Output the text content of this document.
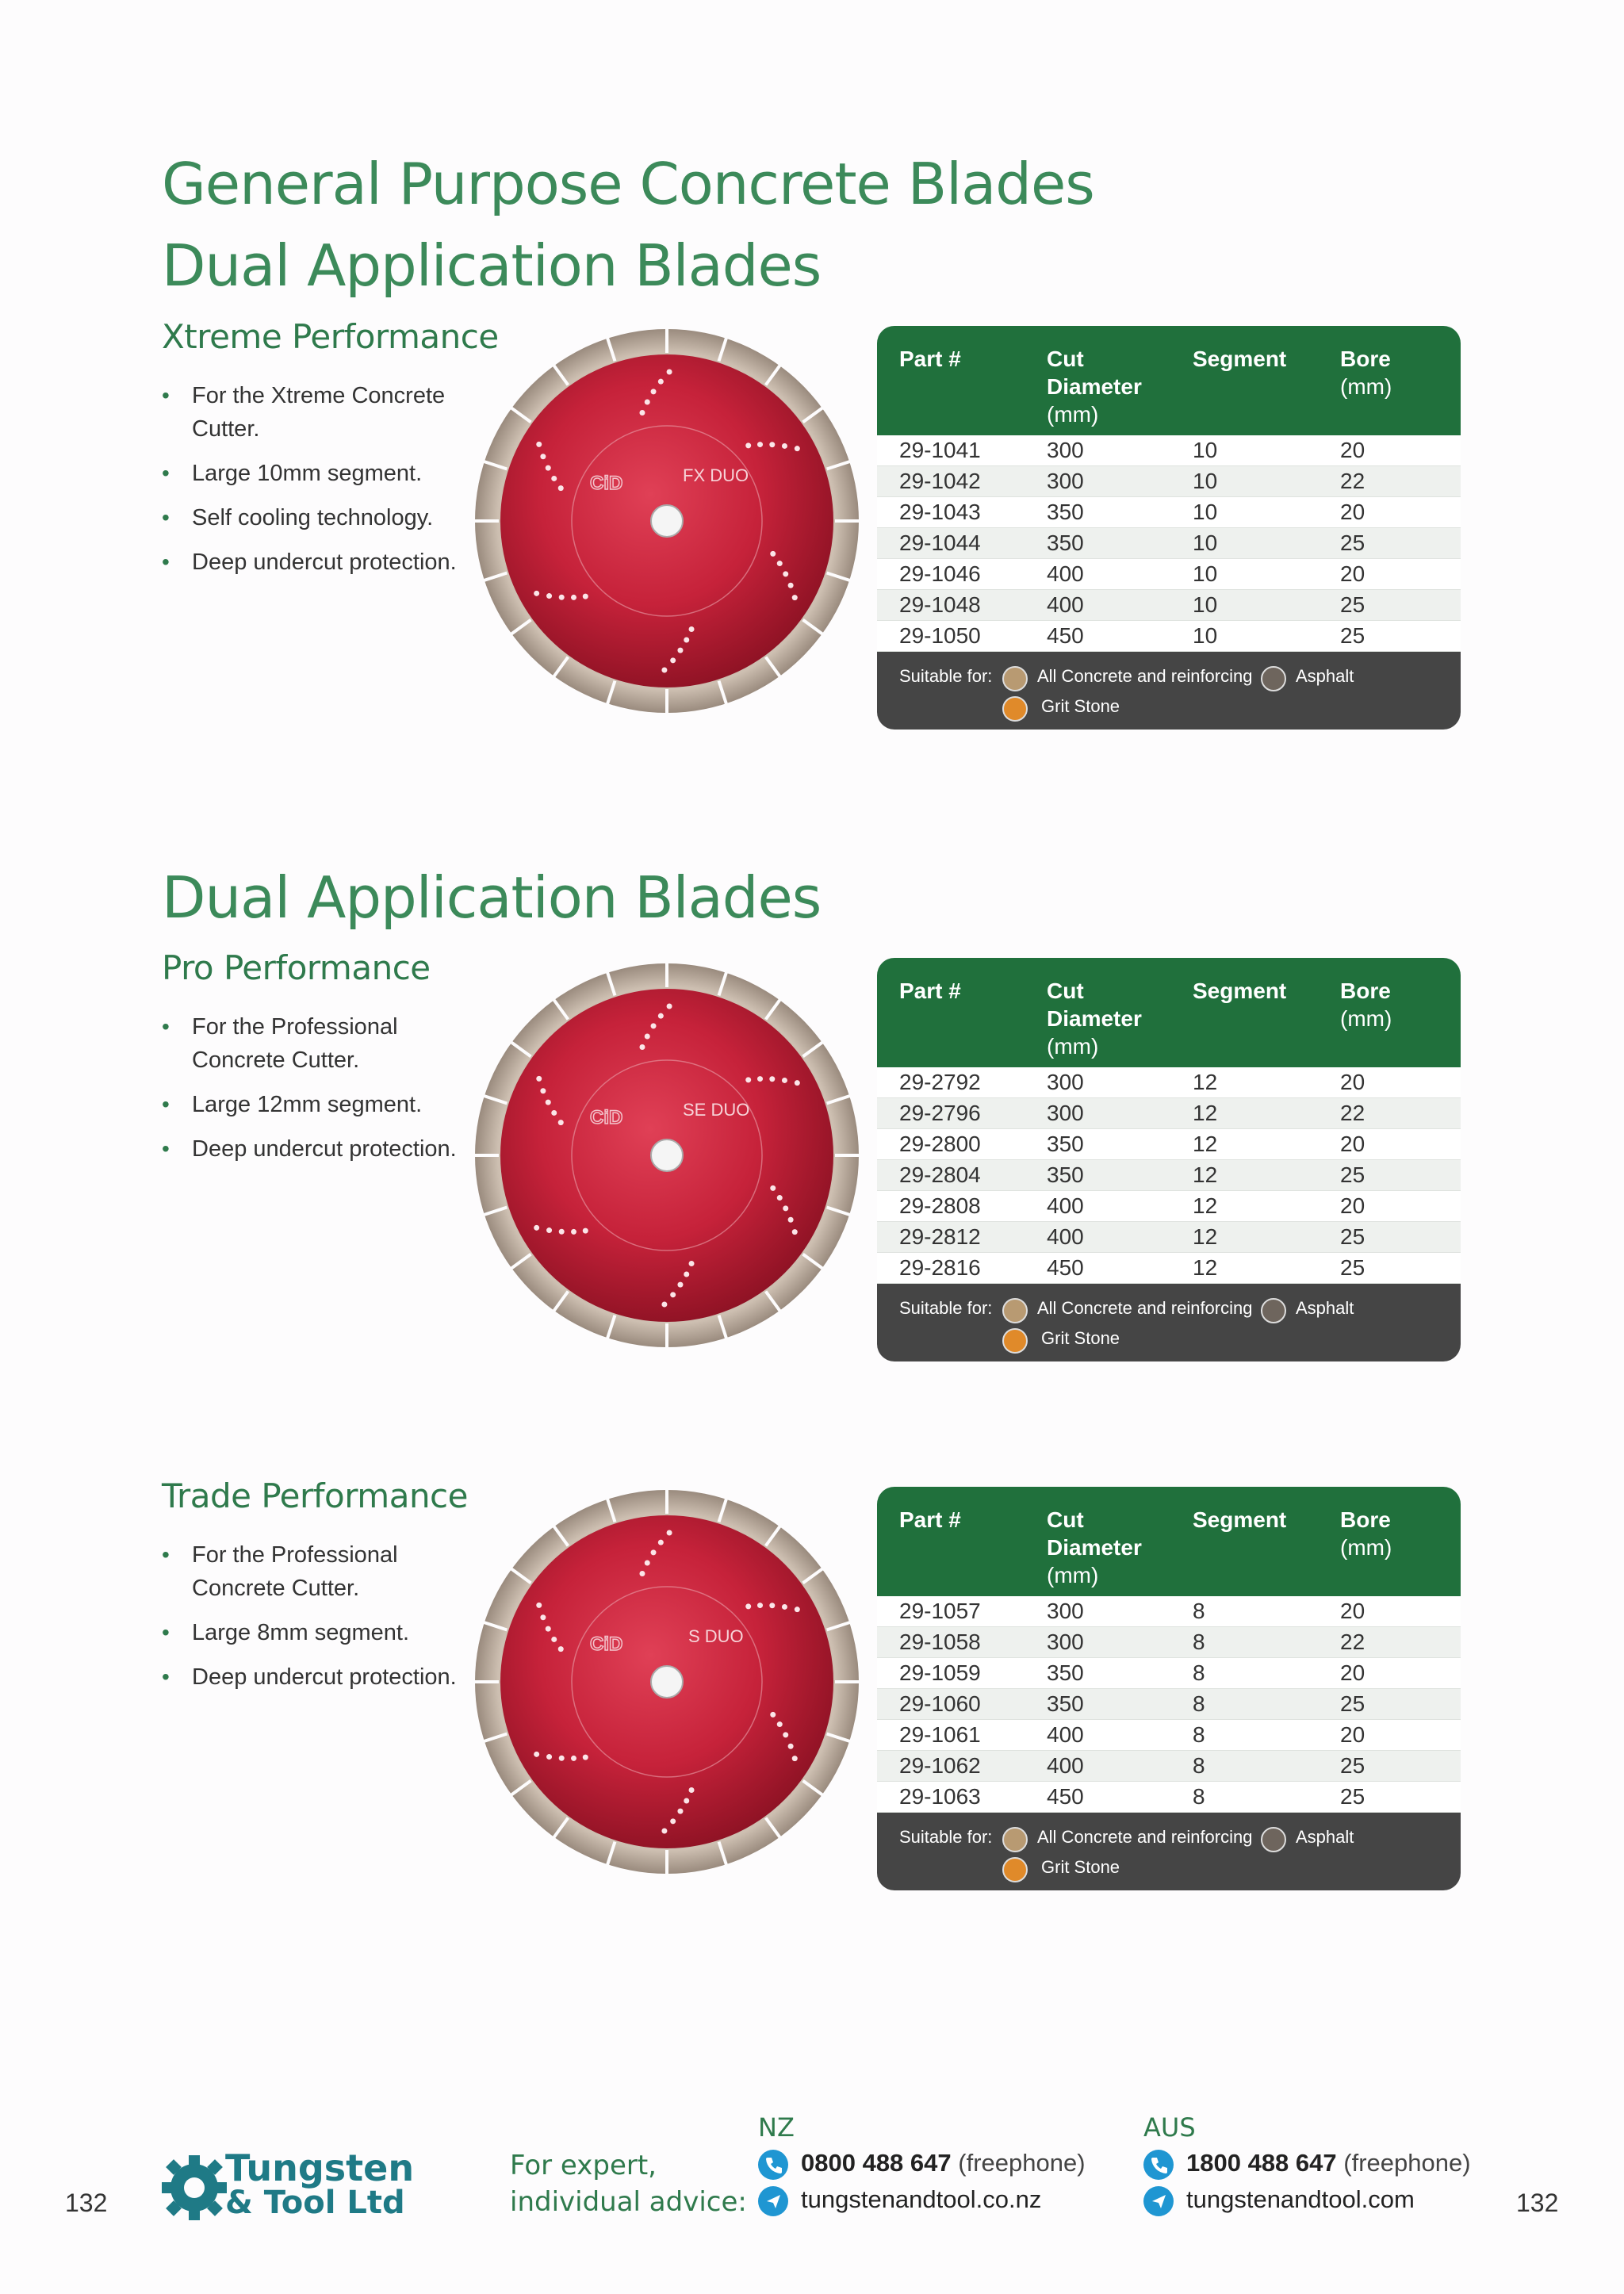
General Purpose Concrete Blades
Dual Application Blades
Xtreme Performance
• For the Xtreme Concrete Cutter.
• Large 10mm segment.
• Self cooling technology.
• Deep undercut protection.
CiD	FX DUO
Part #	Cut
Diameter
(mm)
Segment Bore
(mm)
29-1041	300	10	20
29-1042	300	10	22
29-1043	350	10	20
29-1044	350	10	25
29-1046	400	10	20
29-1048	400	10	25
29-1050	450	10	25
Suitable for:	All Concrete and reinforcing Asphalt
Grit Stone
Dual Application Blades
Pro Performance
• For the Professional Concrete Cutter.
• Large 12mm segment.
• Deep undercut protection.
CiD	SE DUO
Part #	Cut
Diameter
(mm)
Segment Bore
(mm)
29-2792	300	12	20
29-2796	300	12	22
29-2800	350	12	20
29-2804	350	12	25
29-2808	400	12	20
29-2812	400	12	25
29-2816	450	12	25
Suitable for:	All Concrete and reinforcing Asphalt
Grit Stone
Trade Performance
• For the Professional Concrete Cutter.
• Large 8mm segment.
• Deep undercut protection.
CiD	S DUO
Part #	Cut
Diameter
(mm)
Segment Bore
(mm)
29-1057	300	8	20
29-1058	300	8	22
29-1059	350	8	20
29-1060	350	8	25
29-1061	400	8	20
29-1062	400	8	25
29-1063	450	8	25
Suitable for:	All Concrete and reinforcing Asphalt
Grit Stone
132	132
Tungsten
& Tool Ltd
For expert,
individual advice:
NZ
0800 488 647 (freephone)
tungstenandtool.co.nz
AUS
1800 488 647 (freephone)
tungstenandtool.com
